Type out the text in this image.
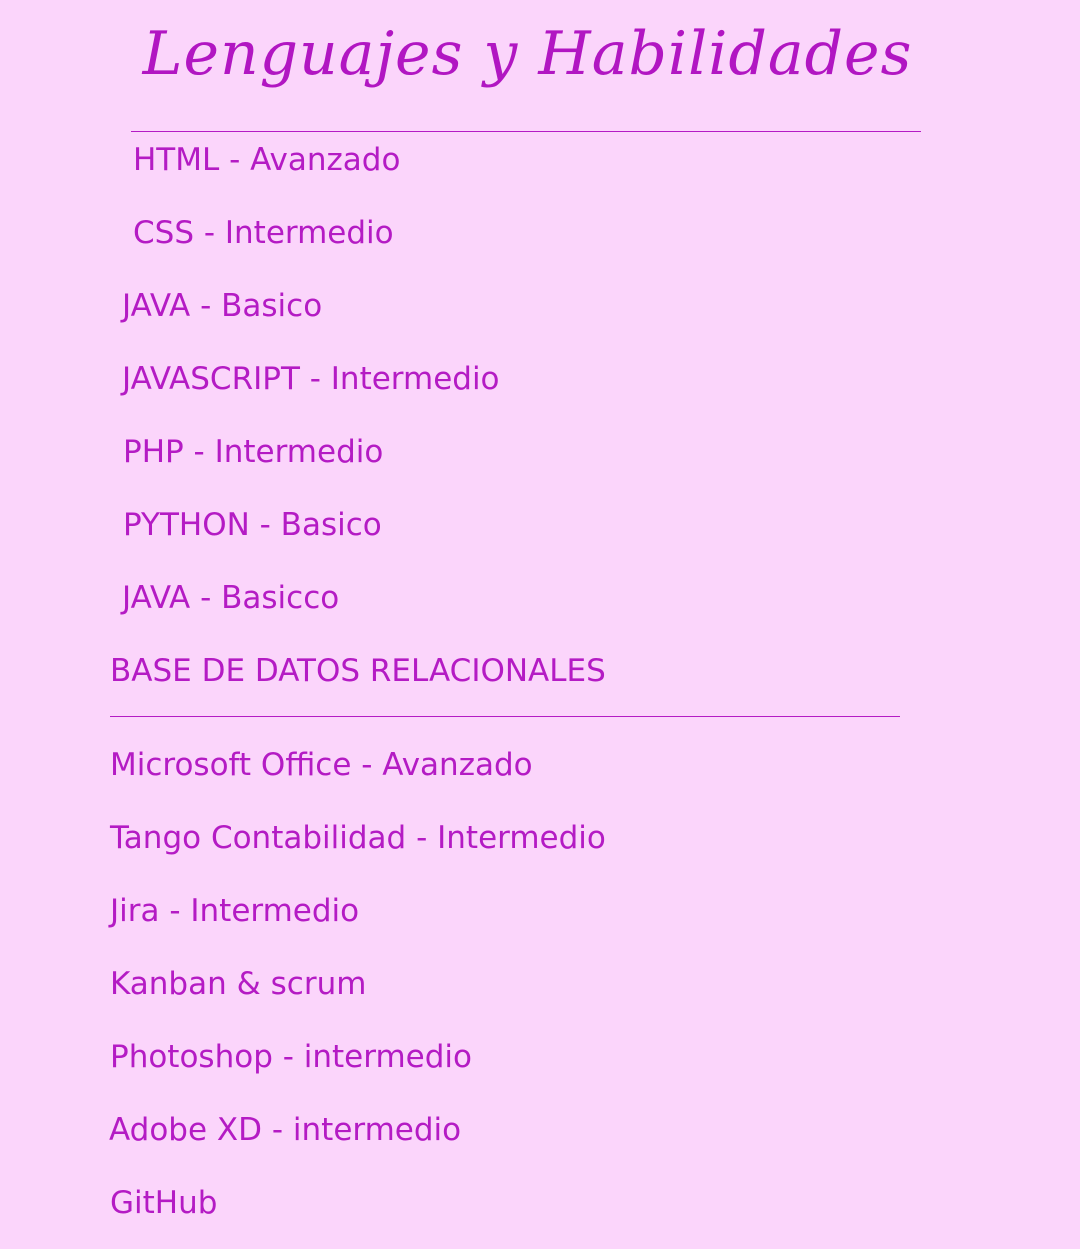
Lenguajes y Habilidades

HTML - Avanzado

CSS - Intermedio

JAVA - Basico

JAVASCRIPT - Intermedio

PHP - Intermedio

PYTHON - Basico

JAVA - Basicco

BASE DE DATOS RELACIONALES

Microsoft Office - Avanzado

Tango Contabilidad - Intermedio

Jira - Intermedio

Kanban & scrum

Photoshop - intermedio

Adobe XD - intermedio

GitHub
